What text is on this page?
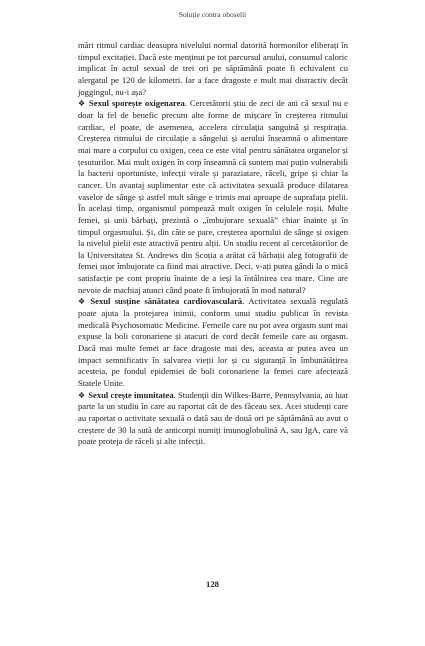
Soluție contra oboselii

mări ritmul cardiac deasupra nivelului normal datorită hormonilor eliberați în timpul excitației. Dacă este menținut pe tot parcursul anului, consumul caloric implicat în actul sexual de trei ori pe săptămână poate fi echivalent cu alergatul pe 120 de kilometri. Iar a face dragoste e mult mai distractiv decât joggingul, nu-i așa?

❖ Sexul sporește oxigenarea. Cercetătorii știu de zeci de ani că sexul nu e doar la fel de benefic precum alte forme de mișcare în creșterea ritmului cardiac, el poate, de asemenea, accelera circulația sanguină și respirația. Creșterea ritmului de circulație a sângelui și aerului înseamnă o alimentare mai mare a corpului cu oxigen, ceea ce este vital pentru sănătatea organelor și țesuturilor. Mai mult oxigen în corp înseamnă că suntem mai puțin vulnerabili la bacterii oportuniste, infecții virale și paraziatare, răceli, gripe și chiar la cancer. Un avantaj suplimentar este că activitatea sexuală produce dilatarea vaselor de sânge și astfel mult sânge e trimis mai aproape de suprafața pielii. În același timp, organismul pompează mult oxigen în celulele roșii. Multe femei, și unii bărbați, prezintă o „îmbujorare sexuală” chiar înainte și în timpul orgasmului. Și, din câte se pare, creșterea aportului de sânge și oxigen la nivelul pielii este atractivă pentru alții. Un studiu recent al cercetătorilor de la Universitatea St. Andrews din Scoția a arătat că bărbații aleg fotografii de femei ușor îmbujorate ca fiind mai atractive. Deci, v-ați putea gândi la o mică satisfacție pe cont propriu înainte de a ieși la întâlnirea cea mare. Cine are nevoie de machiaj atunci când poate fi îmbujorată în mod natural?

❖ Sexul susține sănătatea cardiovasculară. Activitatea sexuală regulată poate ajuta la protejarea inimii, conform unui studiu publicat în revista medicală Psychosomatic Medicine. Femeile care nu pot avea orgasm sunt mai expuse la boli coronariene și atacuri de cord decât femeile care au orgasm. Dacă mai multe femei ar face dragoste mai des, aceasta ar putea avea un impact semnificativ în salvarea vieții lor și cu siguranță în îmbunătățirea acesteia, pe fondul epidemiei de boli coronariene la femei care afectează Statele Unite.

❖ Sexul crește imunitatea. Studenții din Wilkes-Barre, Pennsylvania, au luat parte la un studiu în care au raportat cât de des făceau sex. Acei studenți care au raportat o activitate sexuală o dată sau de două ori pe săptămână au avut o creștere de 30 la sută de anticorpi numiți imunoglobulină A, sau IgA, care vă poate proteja de răceli și alte infecții.

128
